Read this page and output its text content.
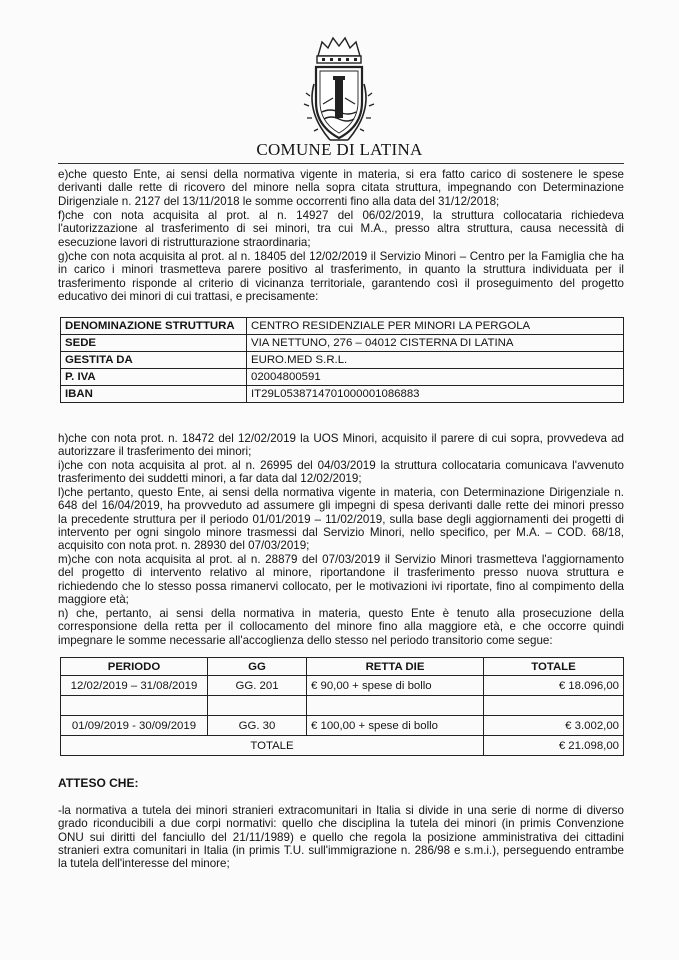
COMUNE DI LATINA

e)che questo Ente, ai sensi della normativa vigente in materia, si era fatto carico di sostenere le spese
derivanti dalle rette di ricovero del minore nella sopra citata struttura, impegnando con Determinazione
Dirigenziale n. 2127 del 13/11/2018 le somme occorrenti fino alla data del 31/12/2018;

f)che con nota acquisita al prot. al n. 14927 del 06/02/2019, la struttura collocataria richiedeva
l'autorizzazione al trasferimento di sei minori, tra cui M.A., presso altra struttura, causa necessità di
esecuzione lavori di ristrutturazione straordinaria;

g)che con nota acquisita al prot. al n. 18405 del 12/02/2019 il Servizio Minori – Centro per la Famiglia che ha
in carico i minori trasmetteva parere positivo al trasferimento, in quanto la struttura individuata per il
trasferimento risponde al criterio di vicinanza territoriale, garantendo così il proseguimento del progetto
educativo dei minori di cui trattasi, e precisamente:

DENOMINAZIONE STRUTTURA	CENTRO RESIDENZIALE PER MINORI LA PERGOLA
SEDE	VIA NETTUNO, 276 – 04012 CISTERNA DI LATINA
GESTITA DA	EURO.MED S.R.L.
P. IVA	02004800591
IBAN	IT29L0538714701000001086883

h)che con nota prot. n. 18472 del 12/02/2019 la UOS Minori, acquisito il parere di cui sopra, provvedeva ad
autorizzare il trasferimento dei minori;

i)che con nota acquisita al prot. al n. 26995 del 04/03/2019 la struttura collocataria comunicava l'avvenuto
trasferimento dei suddetti minori, a far data dal 12/02/2019;

l)che pertanto, questo Ente, ai sensi della normativa vigente in materia, con Determinazione Dirigenziale n.
648 del 16/04/2019, ha provveduto ad assumere gli impegni di spesa derivanti dalle rette dei minori presso
la precedente struttura per il periodo 01/01/2019 – 11/02/2019, sulla base degli aggiornamenti dei progetti di
intervento per ogni singolo minore trasmessi dal Servizio Minori, nello specifico, per M.A. – COD. 68/18,
acquisito con nota prot. n. 28930 del 07/03/2019;

m)che con nota acquisita al prot. al n. 28879 del 07/03/2019 il Servizio Minori trasmetteva l'aggiornamento
del progetto di intervento relativo al minore, riportandone il trasferimento presso nuova struttura e
richiedendo che lo stesso possa rimanervi collocato, per le motivazioni ivi riportate, fino al compimento della
maggiore età;

n) che, pertanto, ai sensi della normativa in materia, questo Ente è tenuto alla prosecuzione della
corresponsione della retta per il collocamento del minore fino alla maggiore età, e che occorre quindi
impegnare le somme necessarie all'accoglienza dello stesso nel periodo transitorio come segue:

PERIODO	GG	RETTA DIE	TOTALE
12/02/2019 – 31/08/2019	GG. 201	€ 90,00 + spese di bollo	€ 18.096,00

01/09/2019 - 30/09/2019	GG. 30	€ 100,00 + spese di bollo	€ 3.002,00
TOTALE			€ 21.098,00
ATTESO CHE:

-la normativa a tutela dei minori stranieri extracomunitari in Italia si divide in una serie di norme di diverso
grado riconducibili a due corpi normativi: quello che disciplina la tutela dei minori (in primis Convenzione
ONU sui diritti del fanciullo del 21/11/1989) e quello che regola la posizione amministrativa dei cittadini
stranieri extra comunitari in Italia (in primis T.U. sull'immigrazione n. 286/98 e s.m.i.), perseguendo entrambe
la tutela dell'interesse del minore;
